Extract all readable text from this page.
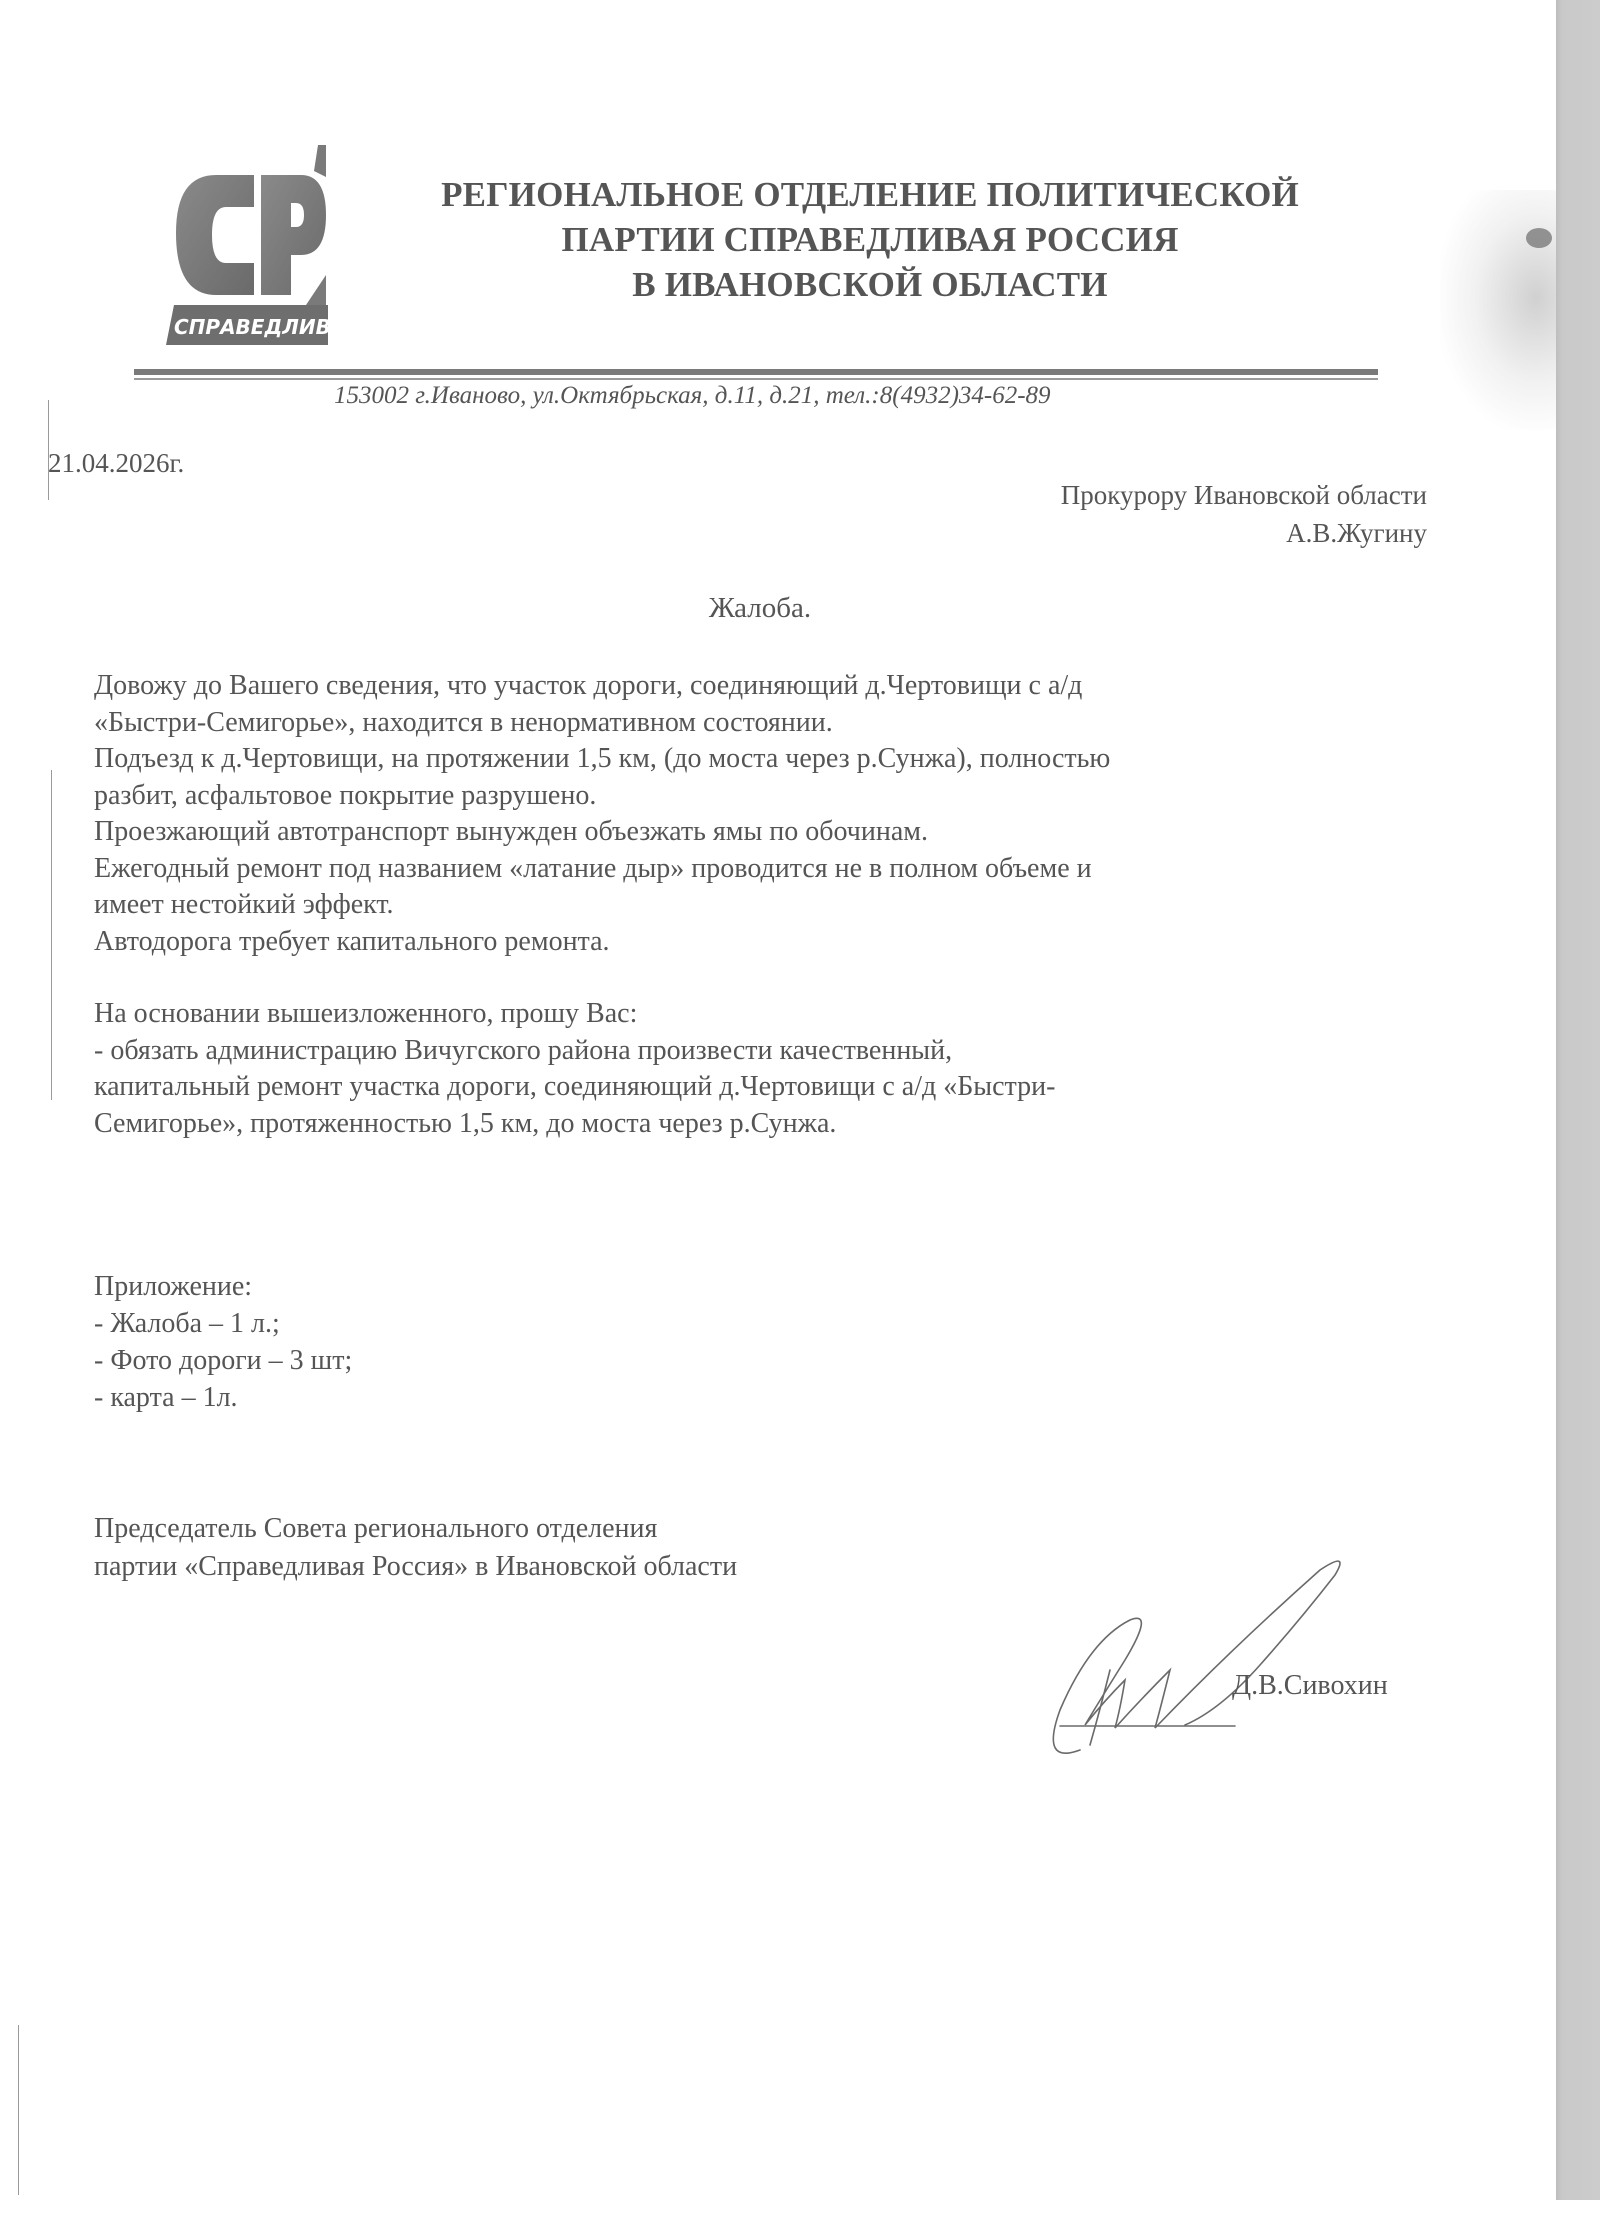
СПРАВЕДЛИВАЯ
РЕГИОНАЛЬНОЕ ОТДЕЛЕНИЕ ПОЛИТИЧЕСКОЙ
ПАРТИИ СПРАВЕДЛИВАЯ РОССИЯ
В ИВАНОВСКОЙ ОБЛАСТИ
153002 г.Иваново, ул.Октябрьская, д.11, д.21, тел.:8(4932)34-62-89
21.04.2026г.
Прокурору Ивановской области
А.В.Жугину
Жалоба.
Довожу до Вашего сведения, что участок дороги, соединяющий д.Чертовищи с а/д
«Быстри-Семигорье», находится в ненормативном состоянии.
Подъезд к д.Чертовищи, на протяжении 1,5 км, (до моста через р.Сунжа), полностью
разбит, асфальтовое покрытие разрушено.
Проезжающий автотранспорт вынужден объезжать ямы по обочинам.
Ежегодный ремонт под названием «латание дыр» проводится не в полном объеме и
имеет нестойкий эффект.
Автодорога требует капитального ремонта.
На основании вышеизложенного, прошу Вас:
- обязать администрацию Вичугского района произвести качественный,
капитальный ремонт участка дороги, соединяющий д.Чертовищи с а/д «Быстри-
Семигорье», протяженностью 1,5 км, до моста через р.Сунжа.
Приложение:
- Жалоба – 1 л.;
- Фото дороги – 3 шт;
- карта – 1л.
Председатель Совета регионального отделения
партии «Справедливая Россия» в Ивановской области
Д.В.Сивохин
